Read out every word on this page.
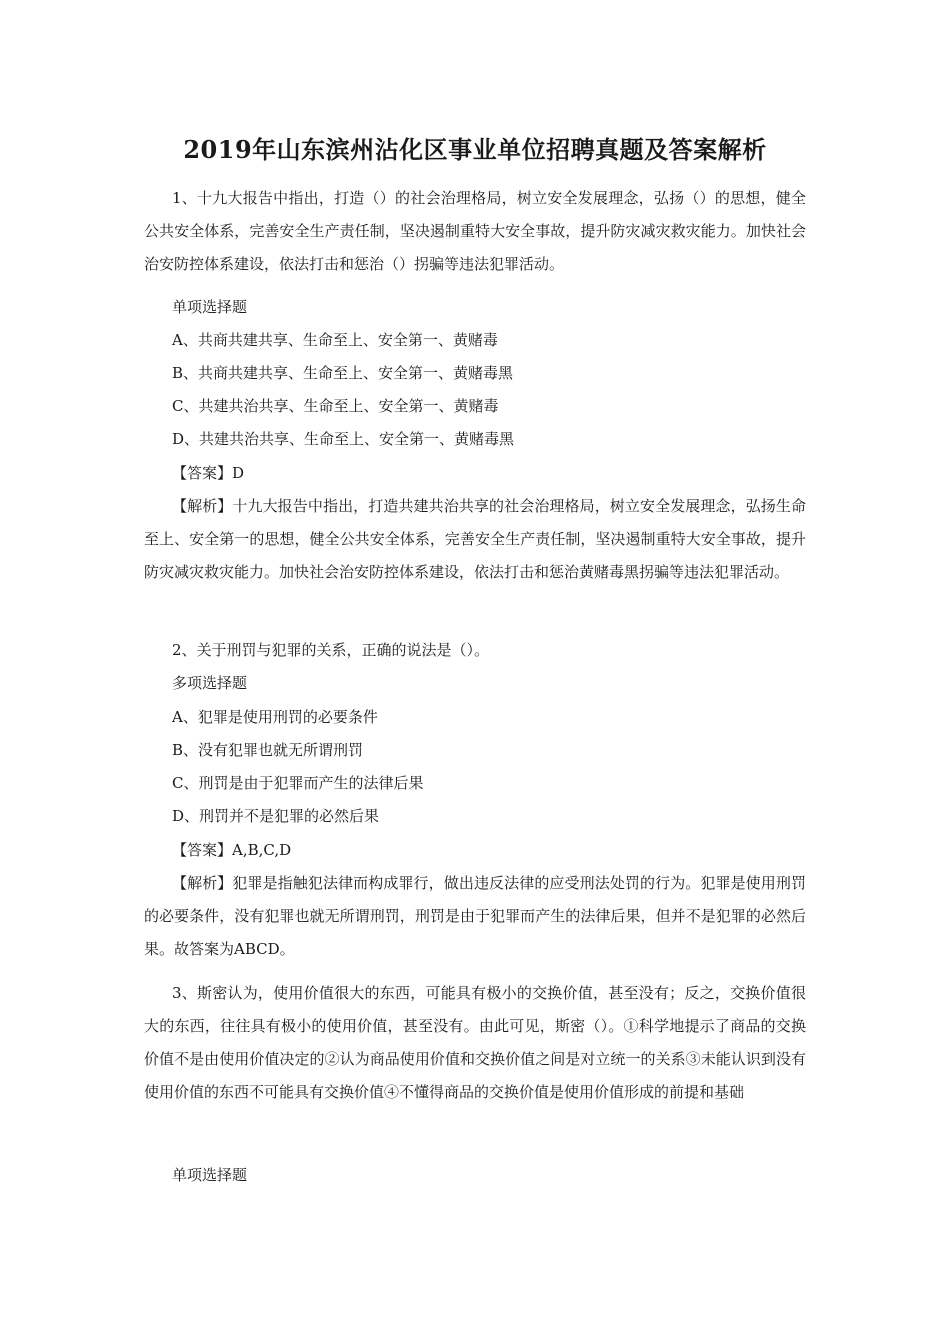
2019年山东滨州沾化区事业单位招聘真题及答案解析
1、十九大报告中指出，打造（）的社会治理格局，树立安全发展理念，弘扬（）的思想，健全公共安全体系，完善安全生产责任制，坚决遏制重特大安全事故，提升防灾减灾救灾能力。加快社会治安防控体系建设，依法打击和惩治（）拐骗等违法犯罪活动。
单项选择题
A、共商共建共享、生命至上、安全第一、黄赌毒
B、共商共建共享、生命至上、安全第一、黄赌毒黑
C、共建共治共享、生命至上、安全第一、黄赌毒
D、共建共治共享、生命至上、安全第一、黄赌毒黑
【答案】D
【解析】十九大报告中指出，打造共建共治共享的社会治理格局，树立安全发展理念，弘扬生命至上、安全第一的思想，健全公共安全体系，完善安全生产责任制，坚决遏制重特大安全事故，提升防灾减灾救灾能力。加快社会治安防控体系建设，依法打击和惩治黄赌毒黑拐骗等违法犯罪活动。
2、关于刑罚与犯罪的关系，正确的说法是（）。
多项选择题
A、犯罪是使用刑罚的必要条件
B、没有犯罪也就无所谓刑罚
C、刑罚是由于犯罪而产生的法律后果
D、刑罚并不是犯罪的必然后果
【答案】A,B,C,D
【解析】犯罪是指触犯法律而构成罪行，做出违反法律的应受刑法处罚的行为。犯罪是使用刑罚的必要条件，没有犯罪也就无所谓刑罚，刑罚是由于犯罪而产生的法律后果，但并不是犯罪的必然后果。故答案为ABCD。
3、斯密认为，使用价值很大的东西，可能具有极小的交换价值，甚至没有；反之，交换价值很大的东西，往往具有极小的使用价值，甚至没有。由此可见，斯密（）。①科学地提示了商品的交换价值不是由使用价值决定的②认为商品使用价值和交换价值之间是对立统一的关系③未能认识到没有使用价值的东西不可能具有交换价值④不懂得商品的交换价值是使用价值形成的前提和基础
单项选择题
